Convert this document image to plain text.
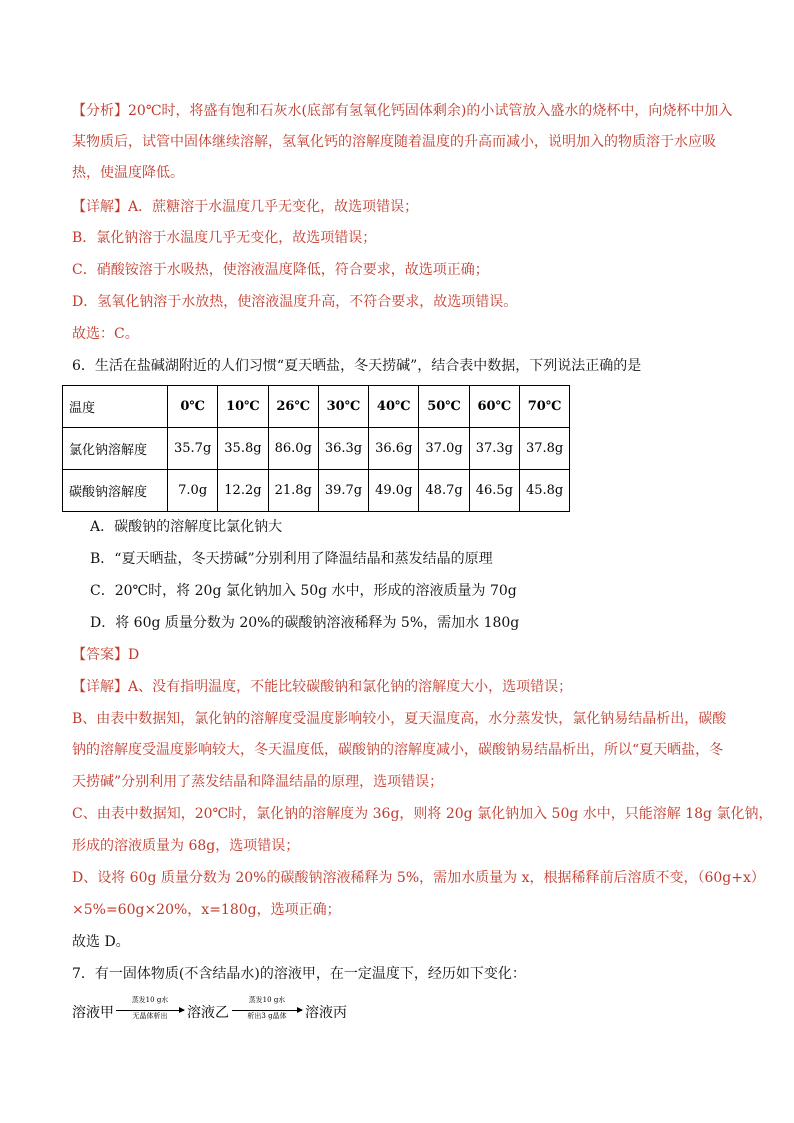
【分析】20℃时，将盛有饱和石灰水(底部有氢氧化钙固体剩余)的小试管放入盛水的烧杯中，向烧杯中加入
某物质后，试管中固体继续溶解，氢氧化钙的溶解度随着温度的升高而减小，说明加入的物质溶于水应吸
热，使温度降低。
【详解】A．蔗糖溶于水温度几乎无变化，故选项错误；
B．氯化钠溶于水温度几乎无变化，故选项错误；
C．硝酸铵溶于水吸热，使溶液温度降低，符合要求，故选项正确；
D．氢氧化钠溶于水放热，使溶液温度升高，不符合要求，故选项错误。
故选：C。
6．生活在盐碱湖附近的人们习惯“夏天晒盐，冬天捞碱”，结合表中数据，下列说法正确的是
温度	0℃	10℃	26℃	30℃	40℃	50℃	60℃	70℃
氯化钠溶解度	35.7g	35.8g	86.0g	36.3g	36.6g	37.0g	37.3g	37.8g
碳酸钠溶解度	7.0g	12.2g	21.8g	39.7g	49.0g	48.7g	46.5g	45.8g
A．碳酸钠的溶解度比氯化钠大
B．“夏天晒盐，冬天捞碱”分别利用了降温结晶和蒸发结晶的原理
C．20℃时，将 20g 氯化钠加入 50g 水中，形成的溶液质量为 70g
D．将 60g 质量分数为 20%的碳酸钠溶液稀释为 5%，需加水 180g
【答案】D
【详解】A、没有指明温度，不能比较碳酸钠和氯化钠的溶解度大小，选项错误；
B、由表中数据知，氯化钠的溶解度受温度影响较小，夏天温度高，水分蒸发快，氯化钠易结晶析出，碳酸
钠的溶解度受温度影响较大，冬天温度低，碳酸钠的溶解度减小，碳酸钠易结晶析出，所以“夏天晒盐，冬
天捞碱”分别利用了蒸发结晶和降温结晶的原理，选项错误；
C、由表中数据知，20℃时，氯化钠的溶解度为 36g，则将 20g 氯化钠加入 50g 水中，只能溶解 18g 氯化钠，
形成的溶液质量为 68g，选项错误；
D、设将 60g 质量分数为 20%的碳酸钠溶液稀释为 5%，需加水质量为 x，根据稀释前后溶质不变，（60g+x）
×5%=60g×20%，x=180g，选项正确；
故选 D。
7．有一固体物质(不含结晶水)的溶液甲，在一定温度下，经历如下变化：
溶液甲
蒸发10 g水
无晶体析出	溶液乙
蒸发10 g水
析出3 g晶体	溶液丙
